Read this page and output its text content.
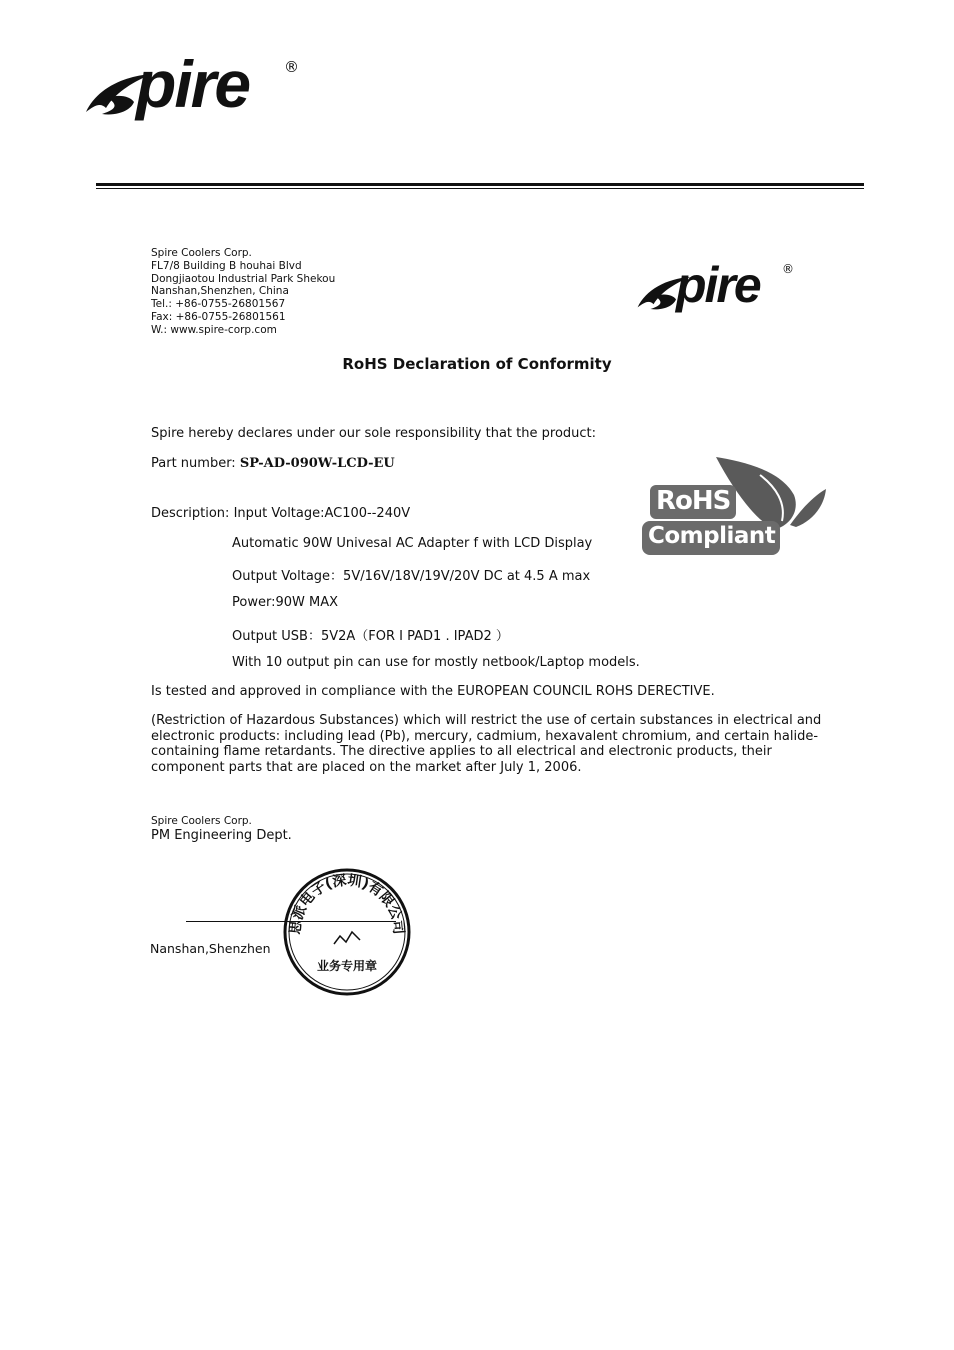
pire ®
Spire Coolers Corp.
FL7/8 Building B houhai Blvd
Dongjiaotou Industrial Park Shekou
Nanshan,Shenzhen, China
Tel.: +86-0755-26801567
Fax: +86-0755-26801561
W.: www.spire-corp.com
pire ®
RoHS Declaration of Conformity
Spire hereby declares under our sole responsibility that the product:
Part number: SP-AD-090W-LCD-EU
Description: Input Voltage:AC100--240V
Automatic 90W Univesal AC Adapter f with LCD Display
Output Voltage：5V/16V/18V/19V/20V DC at 4.5 A max
Power:90W MAX
Output USB：5V2A（FOR I PAD1 . IPAD2 ）
With 10 output pin can use for mostly netbook/Laptop models.
RoHS
Compliant
Is tested and approved in compliance with the EUROPEAN COUNCIL ROHS DERECTIVE.
(Restriction of Hazardous Substances) which will restrict the use of certain substances in electrical and electronic products: including lead (Pb), mercury, cadmium, hexavalent chromium, and certain halide-containing flame retardants. The directive applies to all electrical and electronic products, their component parts that are placed on the market after July 1, 2006.
Spire Coolers Corp.
PM Engineering Dept.
Nanshan,Shenzhen
思派电子(深圳)有限公司
业务专用章
